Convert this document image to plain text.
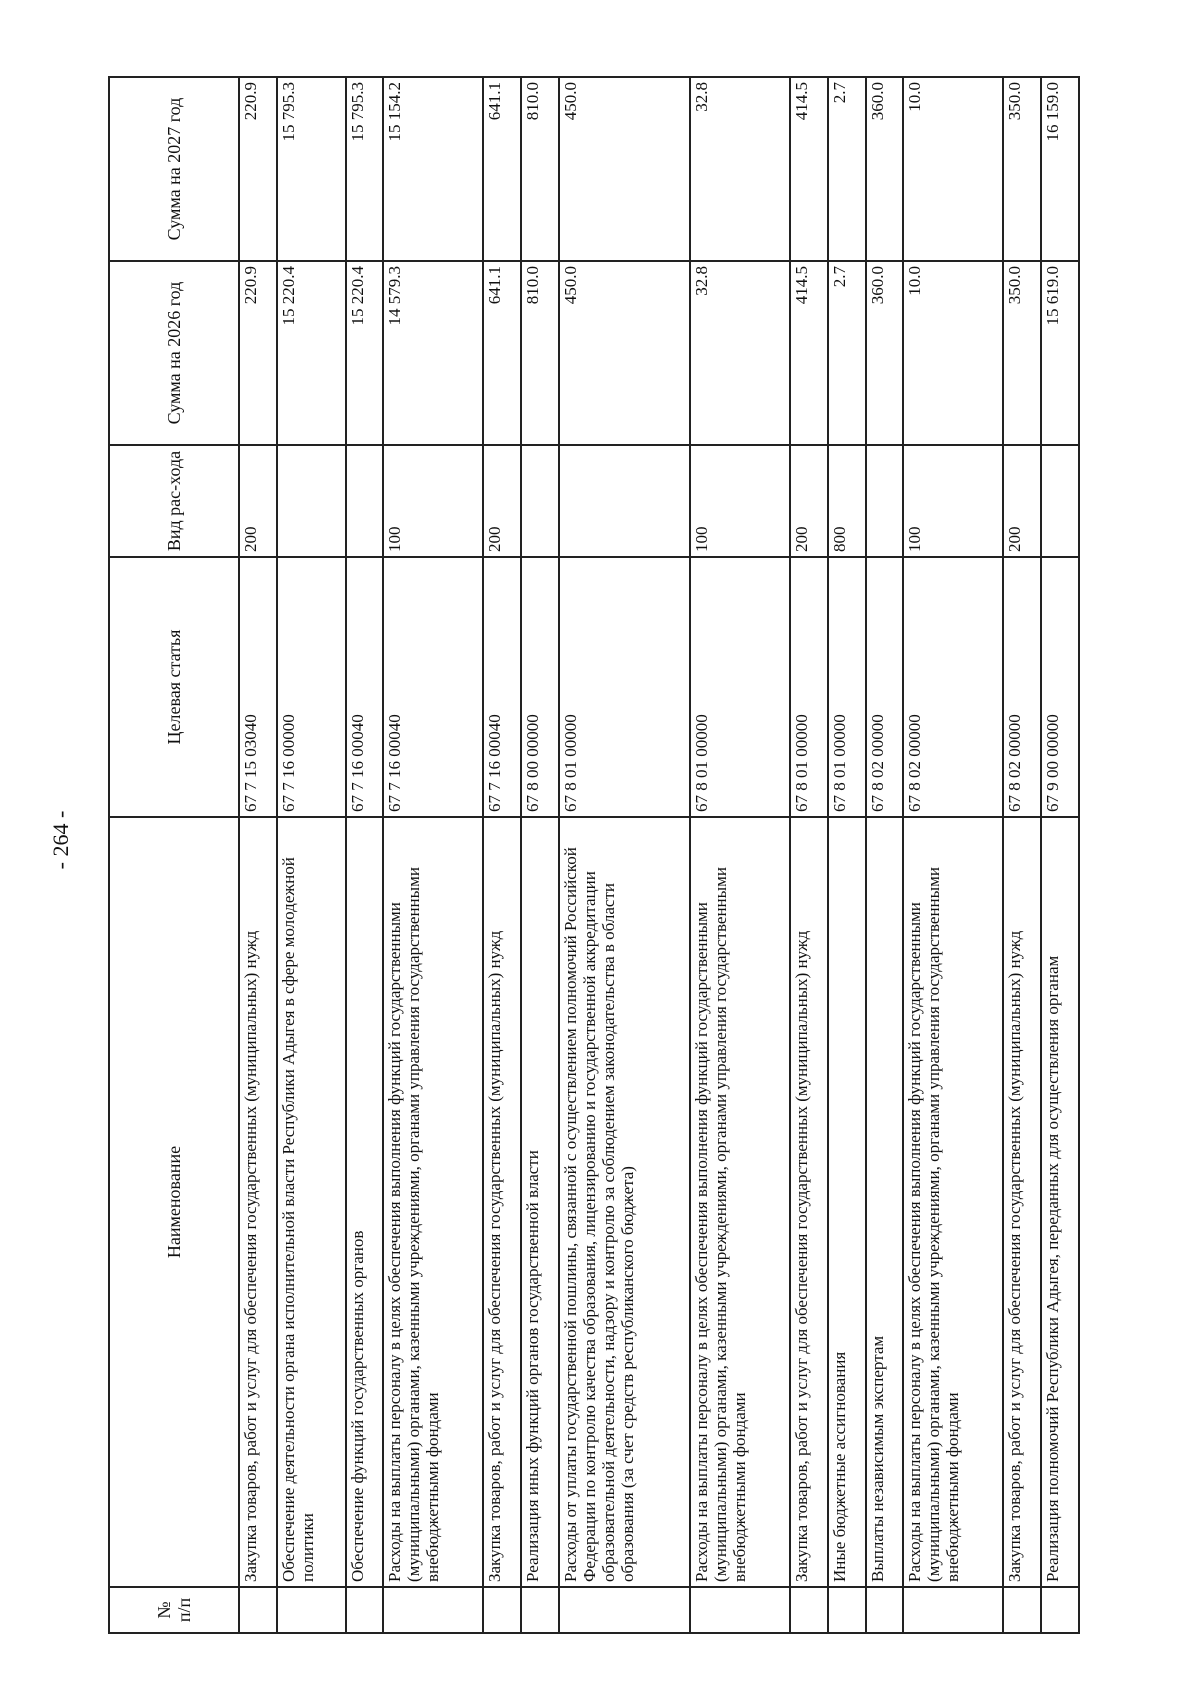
- 264 -
№ п/п	Наименование	Целевая статья	Вид рас-хода	Сумма на 2026 год	Сумма на 2027 год
	Закупка товаров, работ и услуг для обеспечения государственных (муниципальных) нужд	67 7 15 03040	200	220.9	220.9
	Обеспечение деятельности органа исполнительной власти Республики Адыгея в сфере молодежной политики	67 7 16 00000		15 220.4	15 795.3
	Обеспечение функций государственных органов	67 7 16 00040		15 220.4	15 795.3
	Расходы на выплаты персоналу в целях обеспечения выполнения функций государственными (муниципальными) органами, казенными учреждениями, органами управления государственными внебюджетными фондами	67 7 16 00040	100	14 579.3	15 154.2
	Закупка товаров, работ и услуг для обеспечения государственных (муниципальных) нужд	67 7 16 00040	200	641.1	641.1
	Реализация иных функций органов государственной власти	67 8 00 00000		810.0	810.0
	Расходы от уплаты государственной пошлины, связанной с осуществлением полномочий Российской Федерации по контролю качества образования, лицензированию и государственной аккредитации образовательной деятельности, надзору и контролю за соблюдением законодательства в области образования (за счет средств республиканского бюджета)	67 8 01 00000		450.0	450.0
	Расходы на выплаты персоналу в целях обеспечения выполнения функций государственными (муниципальными) органами, казенными учреждениями, органами управления государственными внебюджетными фондами	67 8 01 00000	100	32.8	32.8
	Закупка товаров, работ и услуг для обеспечения государственных (муниципальных) нужд	67 8 01 00000	200	414.5	414.5
	Иные бюджетные ассигнования	67 8 01 00000	800	2.7	2.7
	Выплаты независимым экспертам	67 8 02 00000		360.0	360.0
	Расходы на выплаты персоналу в целях обеспечения выполнения функций государственными (муниципальными) органами, казенными учреждениями, органами управления государственными внебюджетными фондами	67 8 02 00000	100	10.0	10.0
	Закупка товаров, работ и услуг для обеспечения государственных (муниципальных) нужд	67 8 02 00000	200	350.0	350.0
	Реализация полномочий Республики Адыгея, переданных для осуществления органам	67 9 00 00000		15 619.0	16 159.0
